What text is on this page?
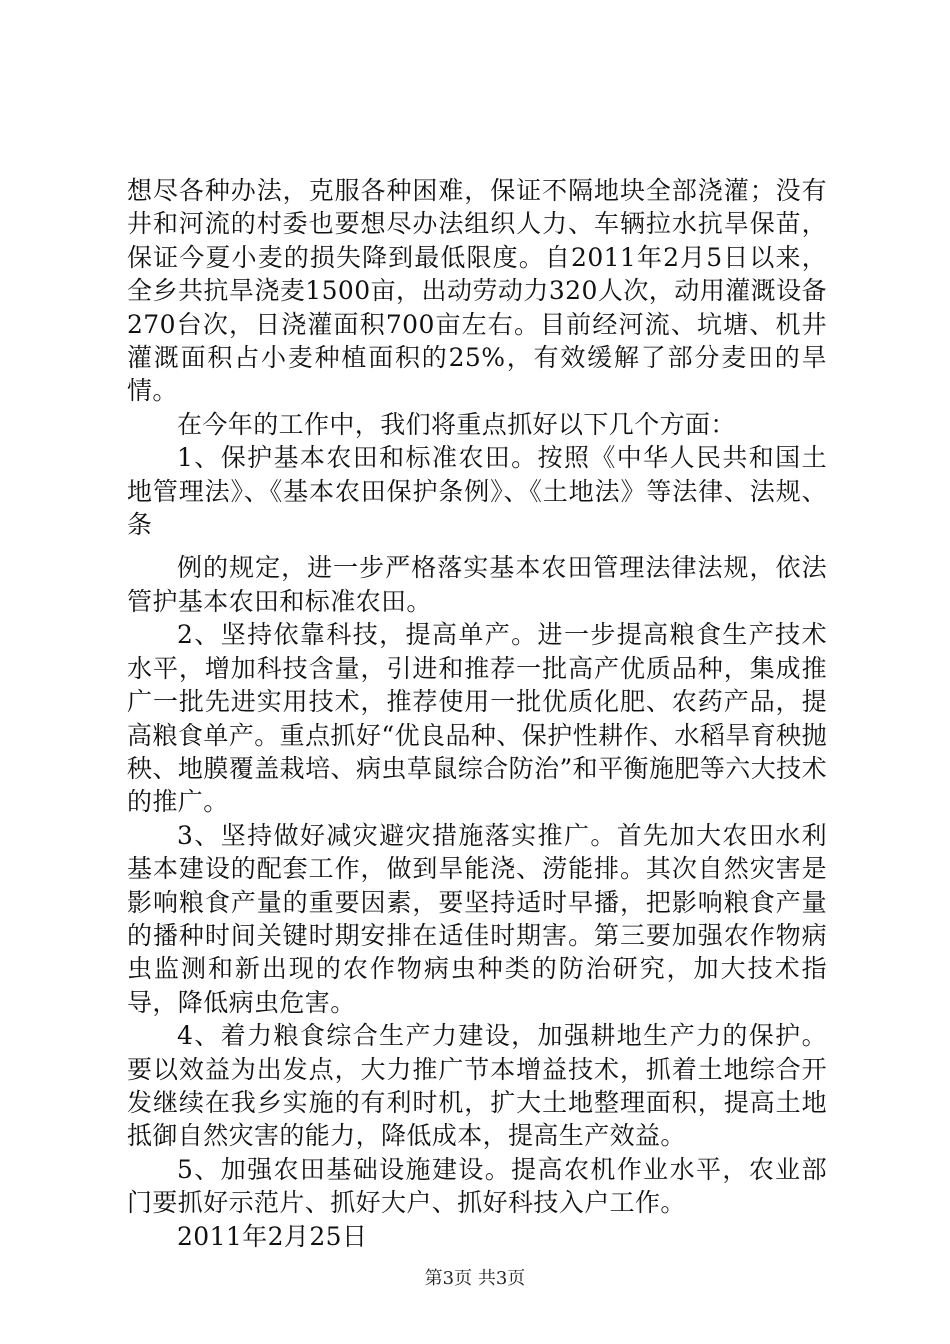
想尽各种办法，克服各种困难，保证不隔地块全部浇灌；没有井和河流的村委也要想尽办法组织人力、车辆拉水抗旱保苗，保证今夏小麦的损失降到最低限度。自2011年2月5日以来，全乡共抗旱浇麦1500亩，出动劳动力320人次，动用灌溉设备270台次，日浇灌面积700亩左右。目前经河流、坑塘、机井灌溉面积占小麦种植面积的25%，有效缓解了部分麦田的旱情。

在今年的工作中，我们将重点抓好以下几个方面：

1、保护基本农田和标准农田。按照《中华人民共和国土地管理法》、《基本农田保护条例》、《土地法》等法律、法规、条

例的规定，进一步严格落实基本农田管理法律法规，依法管护基本农田和标准农田。

2、坚持依靠科技，提高单产。进一步提高粮食生产技术水平，增加科技含量，引进和推荐一批高产优质品种，集成推广一批先进实用技术，推荐使用一批优质化肥、农药产品，提高粮食单产。重点抓好“优良品种、保护性耕作、水稻旱育秧抛秧、地膜覆盖栽培、病虫草鼠综合防治”和平衡施肥等六大技术的推广。

3、坚持做好减灾避灾措施落实推广。首先加大农田水利基本建设的配套工作，做到旱能浇、涝能排。其次自然灾害是影响粮食产量的重要因素，要坚持适时早播，把影响粮食产量的播种时间关键时期安排在适佳时期害。第三要加强农作物病虫监测和新出现的农作物病虫种类的防治研究，加大技术指导，降低病虫危害。

4、着力粮食综合生产力建设，加强耕地生产力的保护。要以效益为出发点，大力推广节本增益技术，抓着土地综合开发继续在我乡实施的有利时机，扩大土地整理面积，提高土地抵御自然灾害的能力，降低成本，提高生产效益。

5、加强农田基础设施建设。提高农机作业水平，农业部门要抓好示范片、抓好大户、抓好科技入户工作。

2011年2月25日

第3页 共3页
